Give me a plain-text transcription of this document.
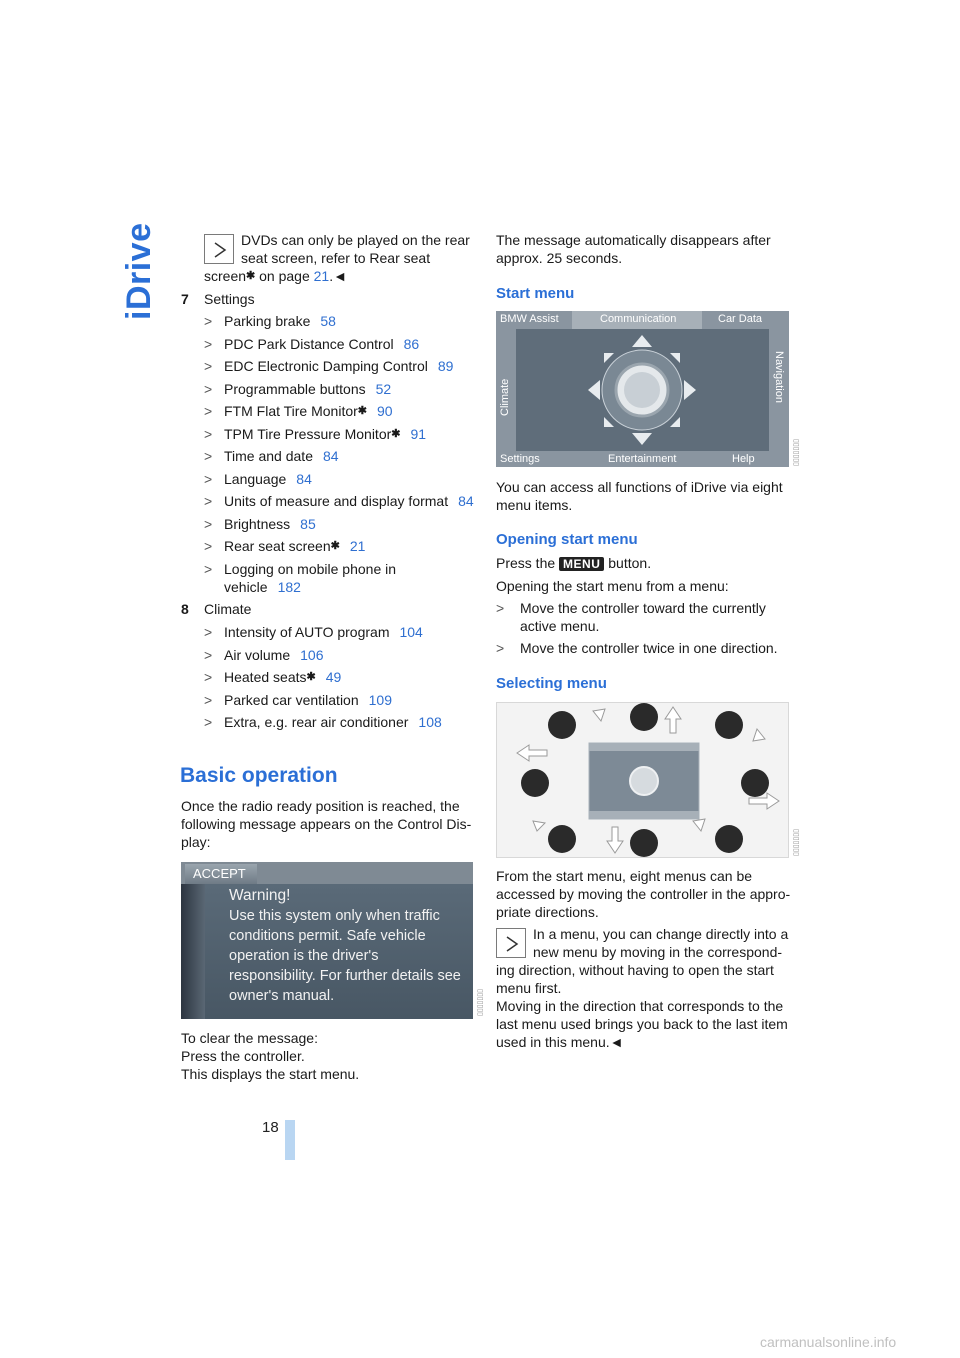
iDrive
18
DVDs can only be played on the rear
seat screen, refer to Rear seat
screen✱ on page 21.◄
7 Settings
> Parking brake 58
> PDC Park Distance Control 86
> EDC Electronic Damping Control 89
> Programmable buttons 52
> FTM Flat Tire Monitor✱ 90
> TPM Tire Pressure Monitor✱ 91
> Time and date 84
> Language 84
> Units of measure and display format 84
> Brightness 85
> Rear seat screen✱ 21
> Logging on mobile phone in
vehicle 182
8 Climate
> Intensity of AUTO program 104
> Air volume 106
> Heated seats✱ 49
> Parked car ventilation 109
> Extra, e.g. rear air conditioner 108
Basic operation
Once the radio ready position is reached, the
following message appears on the Control Dis-
play:
ACCEPT
Warning!
Use this system only when traffic
conditions permit. Safe vehicle
operation is the driver's
responsibility. For further details see
owner's manual.	▯▯▯▯▯▯▯
To clear the message:
Press the controller.
This displays the start menu.
The message automatically disappears after
approx. 25 seconds.
Start menu
BMW Assist	Communication	Car Data
Settings	Entertainment	Help
Climate	Navigation
▯▯▯▯▯▯▯
You can access all functions of iDrive via eight
menu items.
Opening start menu
Press the MENU button.
Opening the start menu from a menu:
> Move the controller toward the currently
active menu.
> Move the controller twice in one direction.
Selecting menu
▯▯▯▯▯▯▯
From the start menu, eight menus can be
accessed by moving the controller in the appro-
priate directions.
In a menu, you can change directly into a
new menu by moving in the correspond-
ing direction, without having to open the start
menu first.
Moving in the direction that corresponds to the
last menu used brings you back to the last item
used in this menu.◄
carmanualsonline.info
